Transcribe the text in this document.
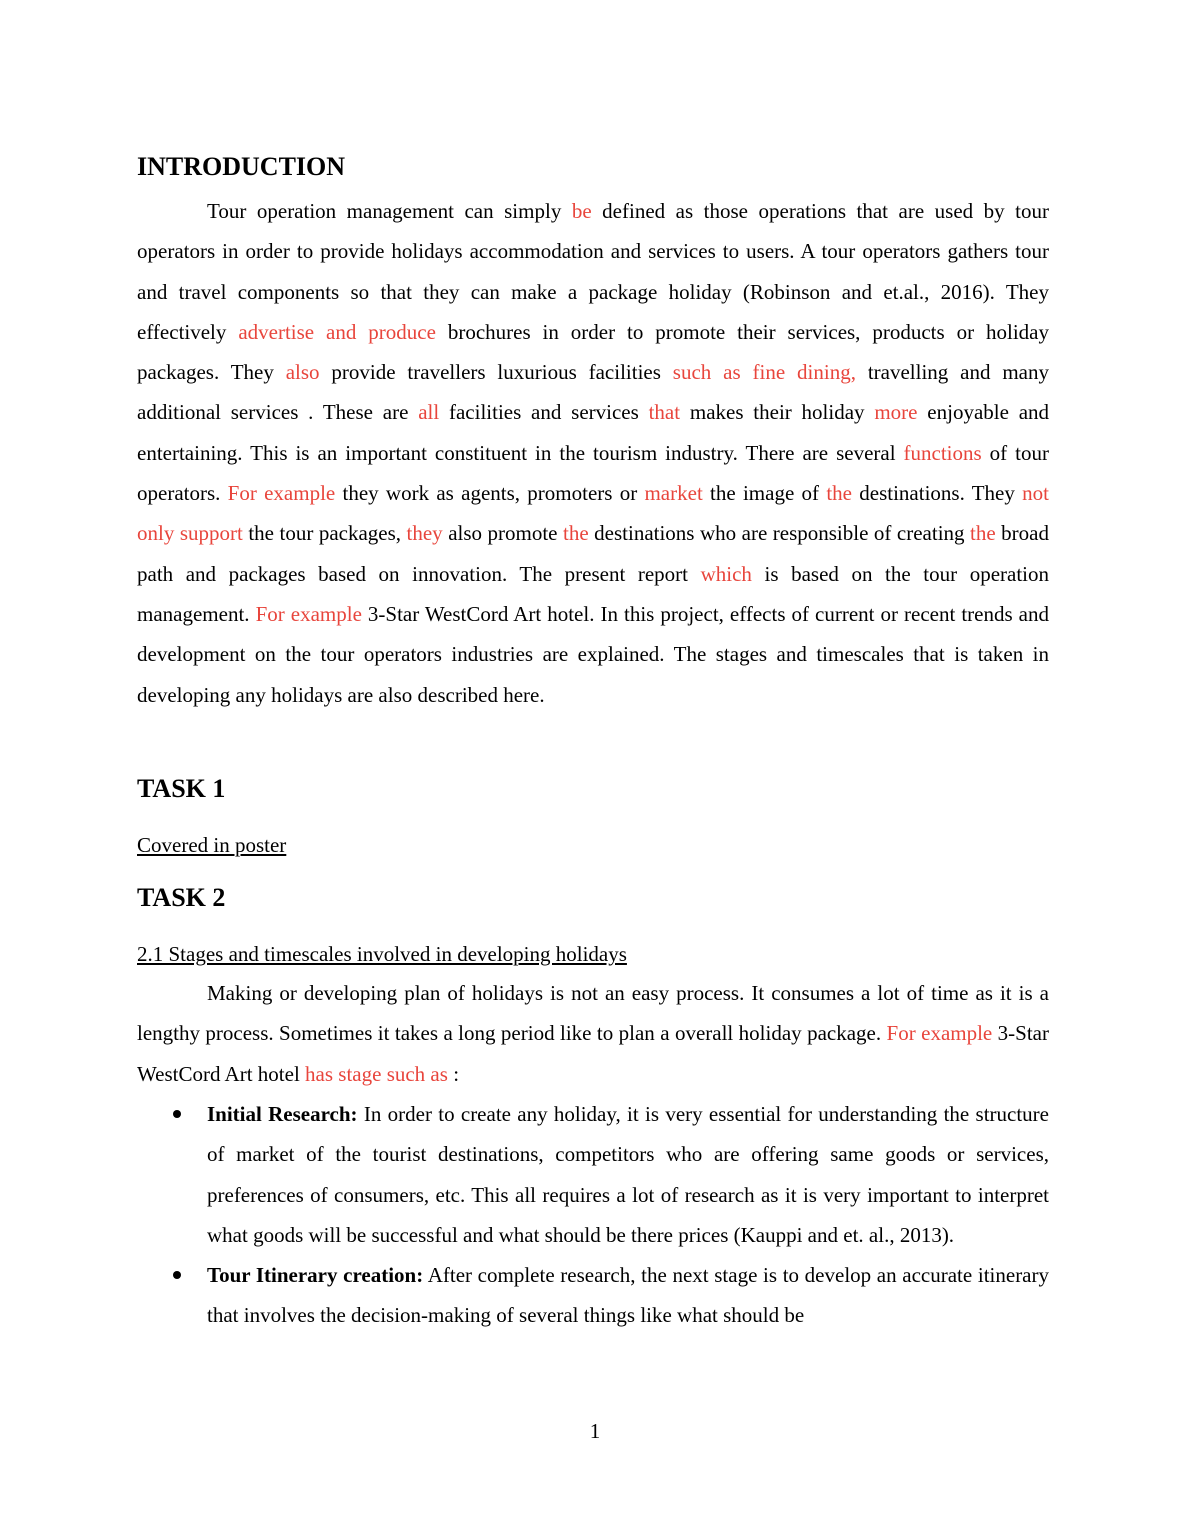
INTRODUCTION

Tour operation management can simply be defined as those operations that are used by tour operators in order to provide holidays accommodation and services to users. A tour operators gathers tour and travel components so that they can make a package holiday (Robinson and et.al., 2016). They effectively advertise and produce brochures in order to promote their services, products or holiday packages. They also provide travellers luxurious facilities such as fine dining, travelling and many additional services . These are all facilities and services that makes their holiday more enjoyable and entertaining. This is an important constituent in the tourism industry. There are several functions of tour operators. For example they work as agents, promoters or market the image of the destinations. They not only support the tour packages, they also promote the destinations who are responsible of creating the broad path and packages based on innovation. The present report which is based on the tour operation management. For example 3-Star WestCord Art hotel. In this project, effects of current or recent trends and development on the tour operators industries are explained. The stages and timescales that is taken in developing any holidays are also described here.

TASK 1
Covered in poster
TASK 2
2.1 Stages and timescales involved in developing holidays

Making or developing plan of holidays is not an easy process. It consumes a lot of time as it is a lengthy process. Sometimes it takes a long period like to plan a overall holiday package. For example 3-Star WestCord Art hotel has stage such as :

Initial Research: In order to create any holiday, it is very essential for understanding the structure of market of the tourist destinations, competitors who are offering same goods or services, preferences of consumers, etc. This all requires a lot of research as it is very important to interpret what goods will be successful and what should be there prices (Kauppi and et. al., 2013).
Tour Itinerary creation: After complete research, the next stage is to develop an accurate itinerary that involves the decision-making of several things like what should be
1
